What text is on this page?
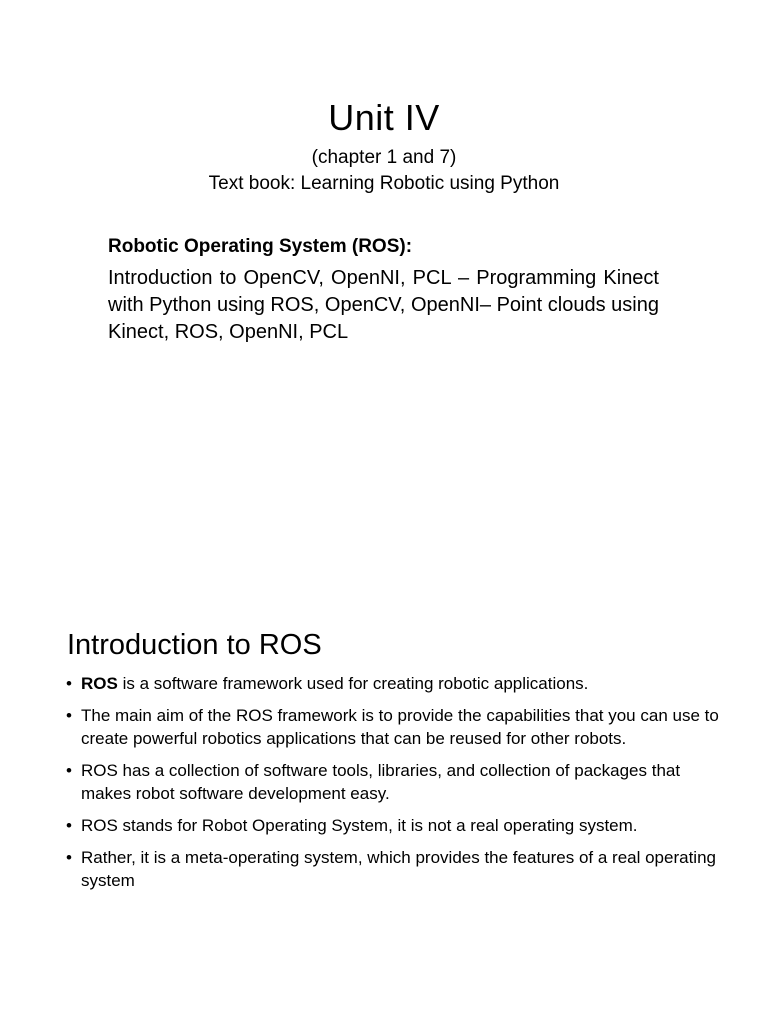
Unit IV
(chapter 1 and 7)
Text book: Learning Robotic using Python
Robotic Operating System (ROS):
Introduction to OpenCV, OpenNI, PCL – Programming Kinect with Python using ROS, OpenCV, OpenNI– Point clouds using Kinect, ROS, OpenNI, PCL
Introduction to ROS
• ROS is a software framework used for creating robotic applications.
• The main aim of the ROS framework is to provide the capabilities that you can use to create powerful robotics applications that can be reused for other robots.
• ROS has a collection of software tools, libraries, and collection of packages that makes robot software development easy.
• ROS stands for Robot Operating System, it is not a real operating system.
• Rather, it is a meta-operating system, which provides the features of a real operating system
